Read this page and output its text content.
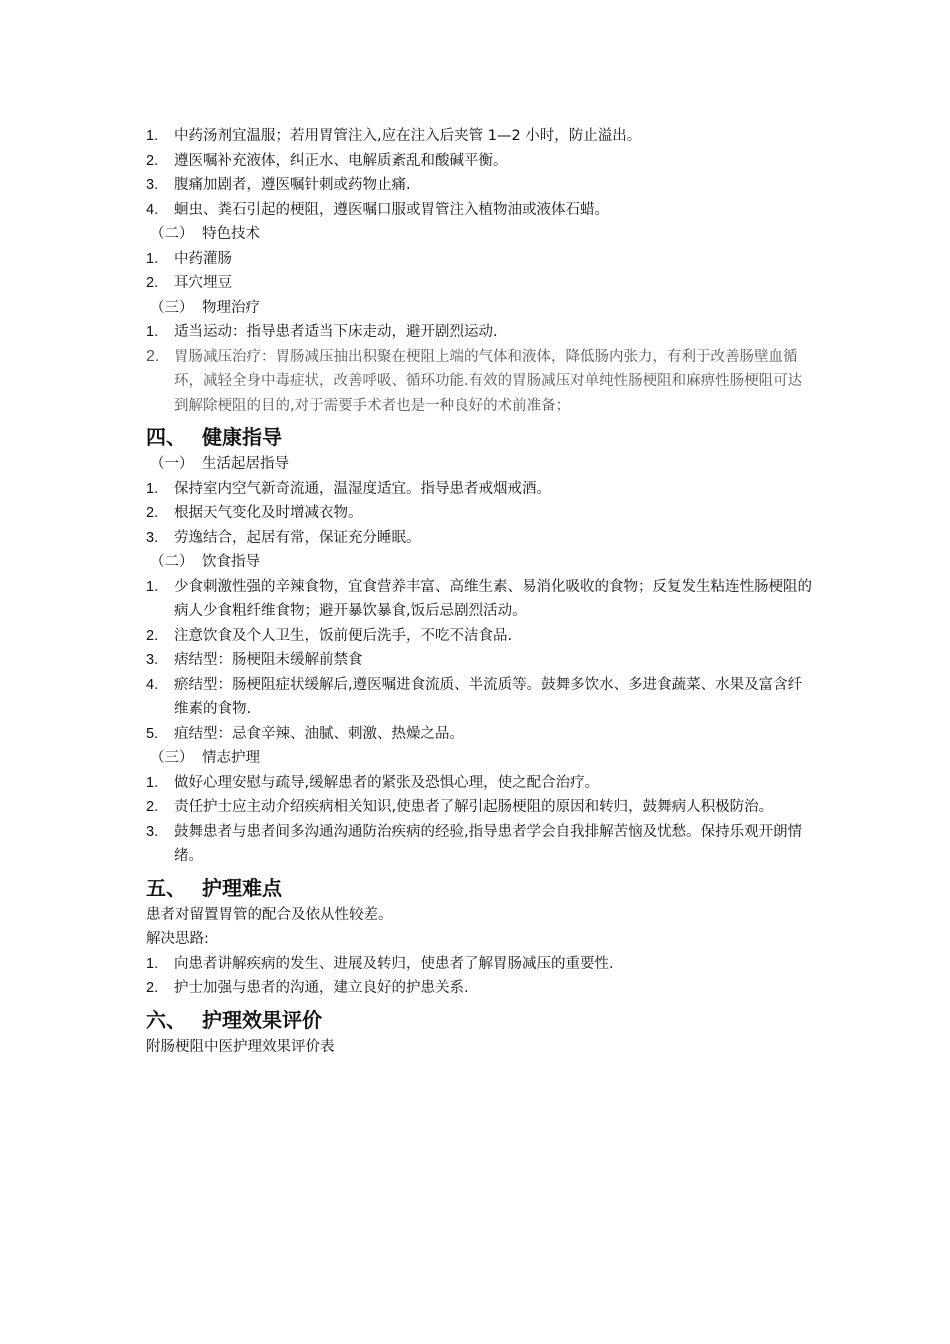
1.	中药汤剂宜温服；若用胃管注入,应在注入后夹管 1—2 小时，防止溢出。
2.	遵医嘱补充液体，纠正水、电解质紊乱和酸碱平衡。
3.	腹痛加剧者，遵医嘱针刺或药物止痛.
4.	蛔虫、粪石引起的梗阻，遵医嘱口服或胃管注入植物油或液体石蜡。
（二） 特色技术
1.	中药灌肠
2.	耳穴埋豆
（三） 物理治疗
1.	适当运动：指导患者适当下床走动，避开剧烈运动.
2.	胃肠减压治疗：胃肠减压抽出积聚在梗阻上端的气体和液体，降低肠内张力，有利于改善肠壁血循环，减轻全身中毒症状，改善呼吸、循环功能.有效的胃肠减压对单纯性肠梗阻和麻痹性肠梗阻可达到解除梗阻的目的,对于需要手术者也是一种良好的术前准备；
四、 健康指导
（一） 生活起居指导
1.	保持室内空气新奇流通，温湿度适宜。指导患者戒烟戒酒。
2.	根据天气变化及时增减衣物。
3.	劳逸结合，起居有常，保证充分睡眠。
（二） 饮食指导
1.	少食刺激性强的辛辣食物，宜食营养丰富、高维生素、易消化吸收的食物；反复发生粘连性肠梗阻的病人少食粗纤维食物；避开暴饮暴食,饭后忌剧烈活动。
2.	注意饮食及个人卫生，饭前便后洗手，不吃不洁食品.
3.	痞结型：肠梗阻未缓解前禁食
4.	瘀结型：肠梗阻症状缓解后,遵医嘱进食流质、半流质等。鼓舞多饮水、多进食蔬菜、水果及富含纤维素的食物.
5.	疽结型：忌食辛辣、油腻、刺激、热燥之品。
（三） 情志护理
1.	做好心理安慰与疏导,缓解患者的紧张及恐惧心理，使之配合治疗。
2.	责任护士应主动介绍疾病相关知识,使患者了解引起肠梗阻的原因和转归，鼓舞病人积极防治。
3.	鼓舞患者与患者间多沟通沟通防治疾病的经验,指导患者学会自我排解苦恼及忧愁。保持乐观开朗情绪。
五、 护理难点
患者对留置胃管的配合及依从性较差。
解决思路:
1.	向患者讲解疾病的发生、进展及转归，使患者了解胃肠减压的重要性.
2.	护士加强与患者的沟通，建立良好的护患关系.
六、 护理效果评价
附肠梗阻中医护理效果评价表
